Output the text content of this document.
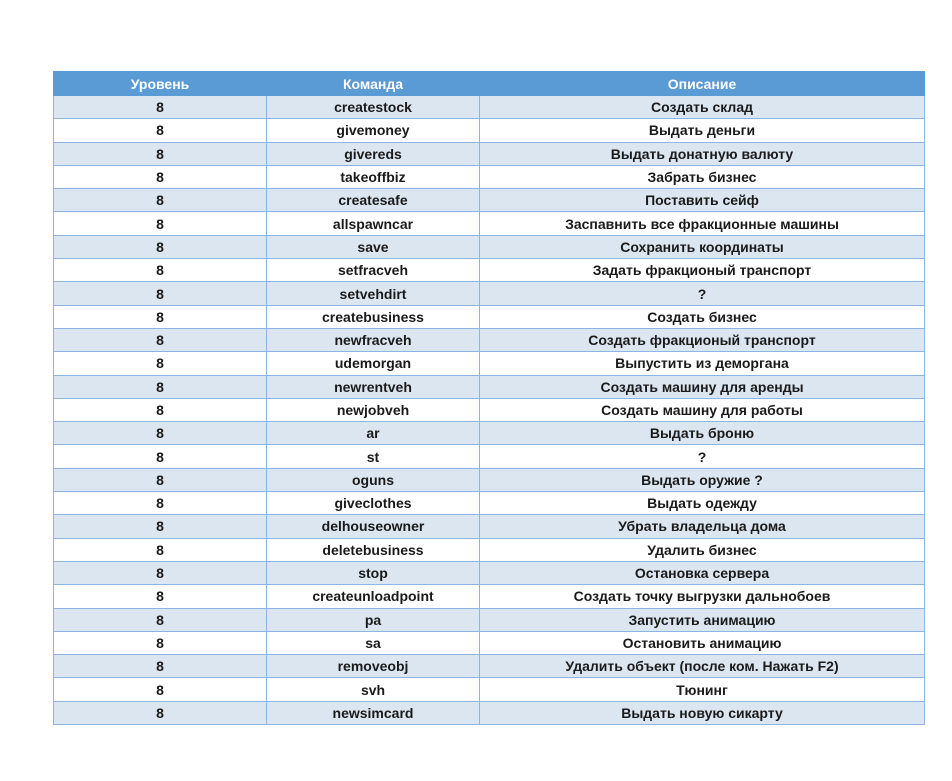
Уровень	Команда	Описание
8	createstock	Создать склад
8	givemoney	Выдать деньги
8	givereds	Выдать донатную валюту
8	takeoffbiz	Забрать бизнес
8	createsafe	Поставить сейф
8	allspawncar	Заспавнить все фракционные машины
8	save	Сохранить координаты
8	setfracveh	Задать фракционый транспорт
8	setvehdirt	?
8	createbusiness	Создать бизнес
8	newfracveh	Создать фракционый транспорт
8	udemorgan	Выпустить из деморгана
8	newrentveh	Создать машину для аренды
8	newjobveh	Создать машину для работы
8	ar	Выдать броню
8	st	?
8	oguns	Выдать оружие ?
8	giveclothes	Выдать одежду
8	delhouseowner	Убрать владельца дома
8	deletebusiness	Удалить бизнес
8	stop	Остановка сервера
8	createunloadpoint	Создать точку выгрузки дальнобоев
8	pa	Запустить анимацию
8	sa	Остановить анимацию
8	removeobj	Удалить объект (после ком. Нажать F2)
8	svh	Тюнинг
8	newsimcard	Выдать новую сикарту
